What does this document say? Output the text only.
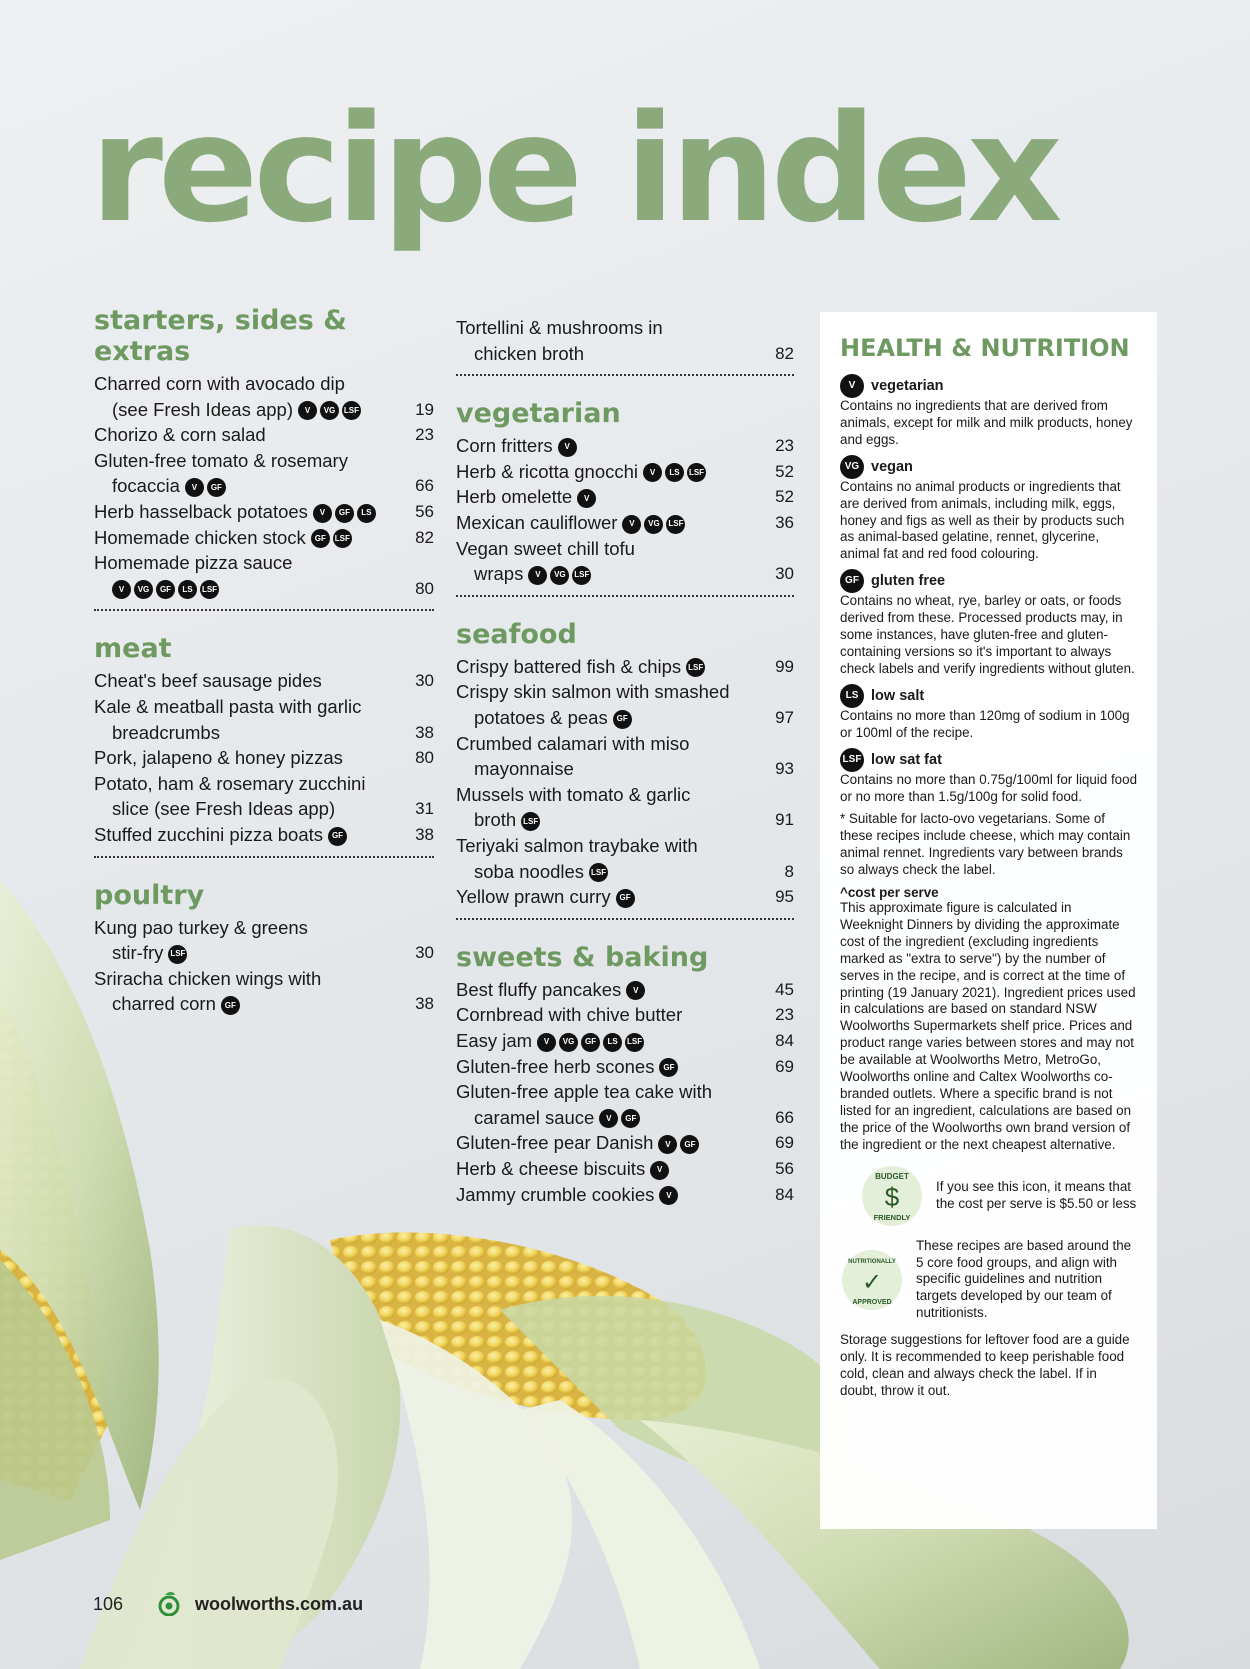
recipe index
starters, sides & extras
Charred corn with avocado dip
(see Fresh Ideas app)	V	VG	LSF	19
Chorizo & corn salad	23
Gluten-free tomato & rosemary
focaccia	V	GF	66
Herb hasselback potatoes	V	GF	LS	56
Homemade chicken stock	GF	LSF	82
Homemade pizza sauce
V	VG	GF	LS	LSF	80
meat
Cheat's beef sausage pides	30
Kale & meatball pasta with garlic
breadcrumbs	38
Pork, jalapeno & honey pizzas	80
Potato, ham & rosemary zucchini
slice (see Fresh Ideas app)	31
Stuffed zucchini pizza boats	GF	38
poultry
Kung pao turkey & greens
stir-fry LSF	30
Sriracha chicken wings with
charred corn	GF	38
Tortellini & mushrooms in
chicken broth	82
vegetarian
Corn fritters	V	23
Herb & ricotta gnocchi	V	LS	LSF	52
Herb omelette	V	52
Mexican cauliflower	V	VG	LSF	36
Vegan sweet chill tofu
wraps	V	VG	LSF	30
seafood
Crispy battered fish & chips LSF	99
Crispy skin salmon with smashed
potatoes & peas	GF	97
Crumbed calamari with miso
mayonnaise	93
Mussels with tomato & garlic
broth LSF	91
Teriyaki salmon traybake with
soba noodles LSF	8
Yellow prawn curry	GF	95
sweets & baking
Best fluffy pancakes	V	45
Cornbread with chive butter	23
Easy jam	V	VG	GF	LS	LSF	84
Gluten-free herb scones	GF	69
Gluten-free apple tea cake with
caramel sauce	V	GF	66
Gluten-free pear Danish	V	GF	69
Herb & cheese biscuits	V	56
Jammy crumble cookies	V	84
HEALTH & NUTRITION
V	vegetarian

Contains no ingredients that are derived from animals, except for milk and milk products, honey and eggs.

VG vegan

Contains no animal products or ingredients that are derived from animals, including milk, eggs, honey and figs as well as their by products such as animal-based gelatine, rennet, glycerine, animal fat and red food colouring.

GF gluten free

Contains no wheat, rye, barley or oats, or foods derived from these. Processed products may, in some instances, have gluten-free and gluten-containing versions so it's important to always check labels and verify ingredients without gluten.

LS low salt

Contains no more than 120mg of sodium in 100g or 100ml of the recipe.

LSF low sat fat

Contains no more than 0.75g/100ml for liquid food or no more than 1.5g/100g for solid food.

* Suitable for lacto-ovo vegetarians. Some of these recipes include cheese, which may contain animal rennet. Ingredients vary between brands so always check the label.

^cost per serve

This approximate figure is calculated in Weeknight Dinners by dividing the approximate cost of the ingredient (excluding ingredients marked as "extra to serve") by the number of serves in the recipe, and is correct at the time of printing (19 January 2021). Ingredient prices used in calculations are based on standard NSW Woolworths Supermarkets shelf price. Prices and product range varies between stores and may not be available at Woolworths Metro, MetroGo, Woolworths online and Caltex Woolworths co-branded outlets. Where a specific brand is not listed for an ingredient, calculations are based on the price of the Woolworths own brand version of the ingredient or the next cheapest alternative.

BUDGET
$
FRIENDLY
If you see this icon, it means that the cost per serve is $5.50 or less
NUTRITIONALLY
✓
APPROVED
These recipes are based around the 5 core food groups, and align with specific guidelines and nutrition targets developed by our team of nutritionists.

Storage suggestions for leftover food are a guide only. It is recommended to keep perishable food cold, clean and always check the label. If in doubt, throw it out.

106	woolworths.com.au
